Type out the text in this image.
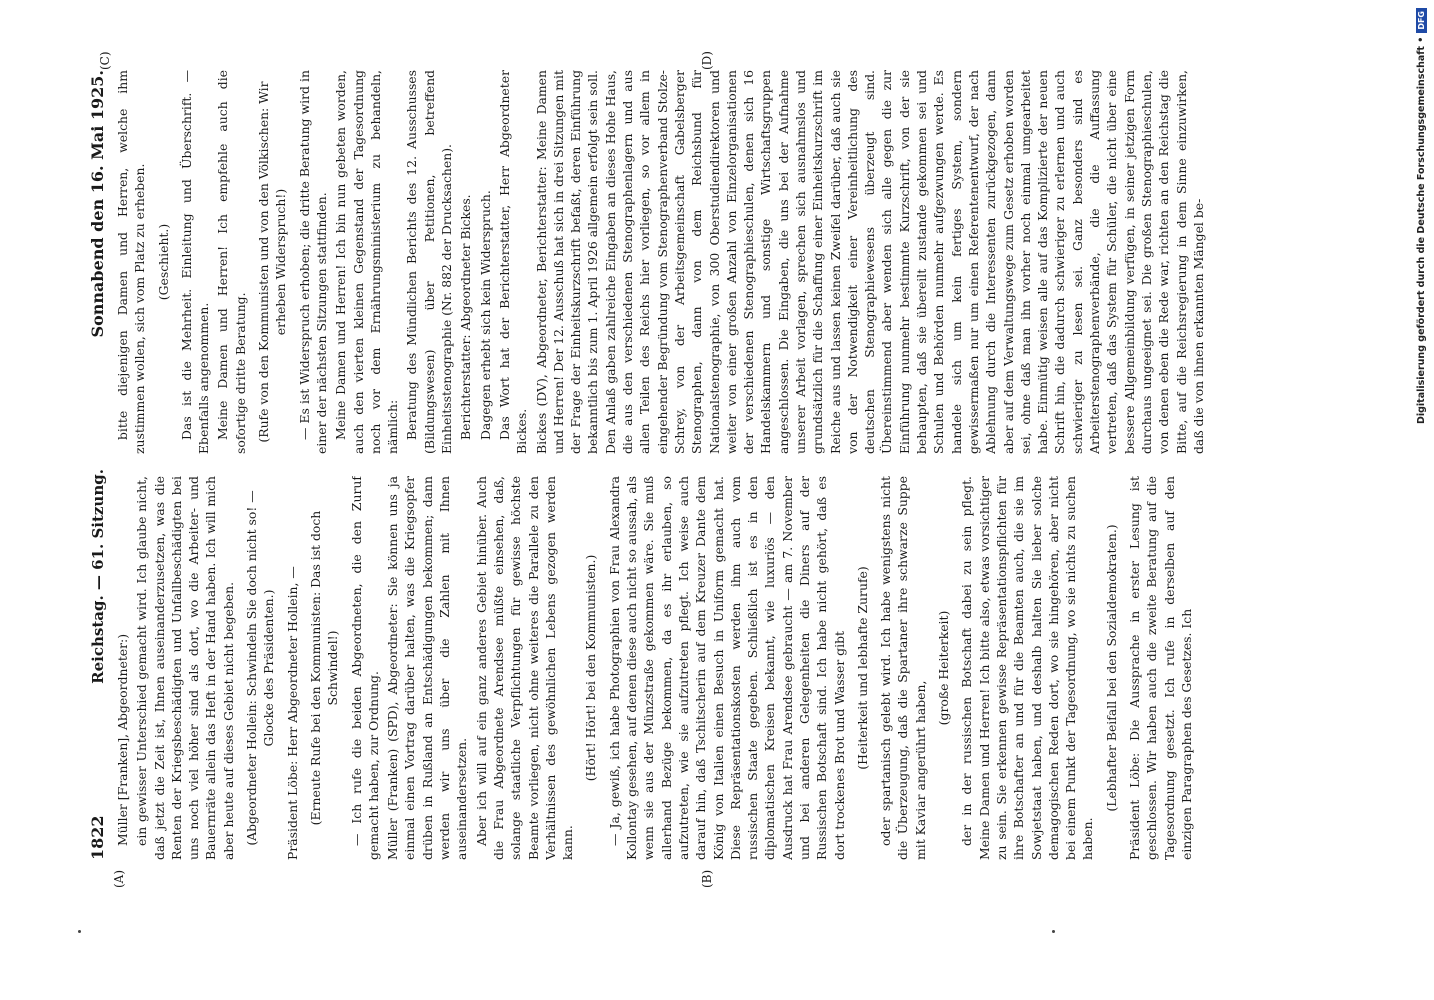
1822
Reichstag. — 61. Sitzung.
Sonnabend den 16. Mai 1925.

Müller [Franken], Abgeordneter:) ein gewisser Unterschied gemacht wird. Ich glaube nicht, daß jetzt die Zeit ist, Ihnen auseinanderzusetzen, was die Renten der Kriegsbeschädigten und Unfallbeschädigten bei uns noch viel höher sind als dort, wo die Arbeiter- und Bauernräte allein das Heft in der Hand haben. Ich will mich aber heute auf dieses Gebiet nicht begeben. (Abgeordneter Hollein: Schwindeln Sie doch nicht so! — Glocke des Präsidenten.) Präsident Löbe: Herr Abgeordneter Hollein, — (Erneute Rufe bei den Kommunisten: Das ist doch Schwindel!) — Ich rufe die beiden Abgeordneten, die den Zuruf gemacht haben, zur Ordnung. Müller (Franken) (SPD), Abgeordneter: Sie können uns ja einmal einen Vortrag darüber halten, was die Kriegsopfer drüben in Rußland an Entschädigungen bekommen; dann werden wir uns über die Zahlen mit Ihnen auseinandersetzen. Aber ich will auf ein ganz anderes Gebiet hinüber. Auch die Frau Abgeordnete Arendsee müßte einsehen, daß, solange staatliche Verpflichtungen für gewisse höchste Beamte vorliegen, nicht ohne weiteres die Parallele zu den Verhältnissen des gewöhnlichen Lebens gezogen werden kann.

(Hört! Hört! bei den Kommunisten.) — Ja, gewiß, ich habe Photographien von Frau Alexandra Kollontay gesehen, auf denen diese auch nicht so aussah, als wenn sie aus der Münzstraße gekommen wäre. Sie muß allerhand Bezüge bekommen, da es ihr erlauben, so aufzutreten, wie sie aufzutreten pflegt. Ich weise auch darauf hin, daß Tschitscherin auf dem Kreuzer Dante dem König von Italien einen Besuch in Uniform gemacht hat. Diese Repräsentationskosten werden ihm auch vom russischen Staate gegeben. Schließlich ist es in den diplomatischen Kreisen bekannt, wie luxuriös — den Ausdruck hat Frau Arendsee gebraucht — am 7. November und bei anderen Gelegenheiten die Diners auf der Russischen Botschaft sind. Ich habe nicht gehört, daß es dort trockenes Brot und Wasser gibt (Heiterkeit und lebhafte Zurufe) oder spartanisch gelebt wird. Ich habe wenigstens nicht die Überzeugung, daß die Spartaner ihre schwarze Suppe mit Kaviar angerührt haben,

(große Heiterkeit) der in der russischen Botschaft dabei zu sein pflegt. Meine Damen und Herren! Ich bitte also, etwas vorsichtiger zu sein. Sie erkennen gewisse Repräsentationspflichten für ihre Botschafter an und für die Beamten auch, die sie im Sowjetstaat haben, und deshalb halten Sie lieber solche demagogischen Reden dort, wo sie hingehören, aber nicht bei einem Punkt der Tagesordnung, wo sie nichts zu suchen haben.

(Lebhafter Beifall bei den Sozialdemokraten.) Präsident Löbe: Die Aussprache in erster Lesung ist geschlossen. Wir haben auch die zweite Beratung auf die Tagesordnung gesetzt. Ich rufe in derselben auf den einzigen Paragraphen des Gesetzes. Ich

bitte diejenigen Damen und Herren, welche ihm zustimmen wollen, sich vom Platz zu erheben. (Geschieht.) Das ist die Mehrheit. Einleitung und Überschrift. — Ebenfalls angenommen. Meine Damen und Herren! Ich empfehle auch die sofortige dritte Beratung. (Rufe von den Kommunisten und von den Völkischen: Wir erheben Widerspruch!) — Es ist Widerspruch erhoben; die dritte Beratung wird in einer der nächsten Sitzungen stattfinden. Meine Damen und Herren! Ich bin nun gebeten worden, auch den vierten kleinen Gegenstand der Tagesordnung noch vor dem Ernährungsministerium zu behandeln, nämlich: Beratung des Mündlichen Berichts des 12. Ausschusses (Bildungswesen) über Petitionen, betreffend Einheitsstenographie (Nr. 882 der Drucksachen). Berichterstatter: Abgeordneter Bickes. Dagegen erhebt sich kein Widerspruch. Das Wort hat der Berichterstatter, Herr Abgeordneter Bickes. Bickes (DV), Abgeordneter, Berichterstatter: Meine Damen und Herren! Der 12. Ausschuß hat sich in drei Sitzungen mit der Frage der Einheitskurzschrift befaßt, deren Einführung bekanntlich bis zum 1. April 1926 allgemein erfolgt sein soll. Den Anlaß gaben zahlreiche Eingaben an dieses Hohe Haus, die aus den verschiedenen Stenographenlagern und aus allen Teilen des Reichs hier vorliegen, so vor allem in eingehender Begründung vom Stenographenverband Stolze-Schrey, von der Arbeitsgemeinschaft Gabelsberger Stenographen, dann von dem Reichsbund für Nationalstenographie, von 300 Oberstudiendirektoren und weiter von einer großen Anzahl von Einzelorganisationen der verschiedenen Stenographieschulen, denen sich 16 Handelskammern und sonstige Wirtschaftsgruppen angeschlossen. Die Eingaben, die uns bei der Aufnahme unserer Arbeit vorlagen, sprechen sich ausnahmslos und grundsätzlich für die Schaffung einer Einheitskurzschrift im Reiche aus und lassen keinen Zweifel darüber, daß auch sie von der Notwendigkeit einer Vereinheitlichung des deutschen Stenographiewesens überzeugt sind. Übereinstimmend aber wenden sich alle gegen die zur Einführung nunmehr bestimmte Kurzschrift, von der sie behaupten, daß sie übereilt zustande gekommen sei und Schulen und Behörden nunmehr aufgezwungen werde. Es handele sich um kein fertiges System, sondern gewissermaßen nur um einen Referentenentwurf, der nach Ablehnung durch die Interessenten zurückgezogen, dann aber auf dem Verwaltungswege zum Gesetz erhoben worden sei, ohne daß man ihn vorher noch einmal umgearbeitet habe. Einmütig weisen alle auf das Komplizierte der neuen Schrift hin, die dadurch schwieriger zu erlernen und auch schwieriger zu lesen sei. Ganz besonders sind es Arbeiterstenographenverbände, die die Auffassung vertreten, daß das System für Schüler, die nicht über eine bessere Allgemeinbildung verfügen, in seiner jetzigen Form durchaus ungeeignet sei. Die großen Stenographieschulen, von denen eben die Rede war, richten an den Reichstag die Bitte, auf die Reichsregierung in dem Sinne einzuwirken, daß die von ihnen erkannten Mängel be-

(A)	(B)
(C)	(D)	Digitalisierung gefördert durch die Deutsche Forschungsgemeinschaft •
DFG
